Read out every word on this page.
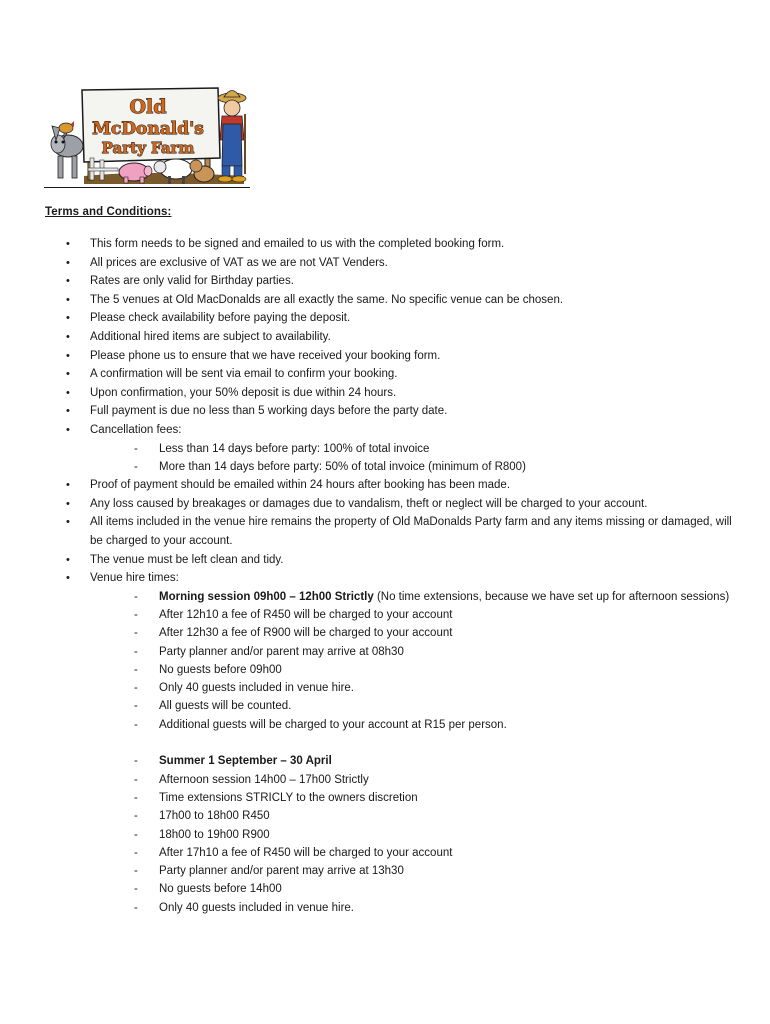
Old
McDonald's
Party Farm
Terms and Conditions:
• This form needs to be signed and emailed to us with the completed booking form.
• All prices are exclusive of VAT as we are not VAT Venders.
• Rates are only valid for Birthday parties.
• The 5 venues at Old MacDonalds are all exactly the same. No specific venue can be chosen.
• Please check availability before paying the deposit.
• Additional hired items are subject to availability.
• Please phone us to ensure that we have received your booking form.
• A confirmation will be sent via email to confirm your booking.
• Upon confirmation, your 50% deposit is due within 24 hours.
• Full payment is due no less than 5 working days before the party date.
• Cancellation fees:
- Less than 14 days before party: 100% of total invoice
- More than 14 days before party: 50% of total invoice (minimum of R800)
• Proof of payment should be emailed within 24 hours after booking has been made.
• Any loss caused by breakages or damages due to vandalism, theft or neglect will be charged to your account.
• All items included in the venue hire remains the property of Old MaDonalds Party farm and any items missing or damaged, will be charged to your account.
• The venue must be left clean and tidy.
• Venue hire times:
- Morning session 09h00 – 12h00 Strictly (No time extensions, because we have set up for afternoon sessions)
- After 12h10 a fee of R450 will be charged to your account
- After 12h30 a fee of R900 will be charged to your account
- Party planner and/or parent may arrive at 08h30
- No guests before 09h00
- Only 40 guests included in venue hire.
- All guests will be counted.
- Additional guests will be charged to your account at R15 per person.
- Summer 1 September – 30 April
- Afternoon session 14h00 – 17h00 Strictly
- Time extensions STRICLY to the owners discretion
- 17h00 to 18h00 R450
- 18h00 to 19h00 R900
- After 17h10 a fee of R450 will be charged to your account
- Party planner and/or parent may arrive at 13h30
- No guests before 14h00
- Only 40 guests included in venue hire.
